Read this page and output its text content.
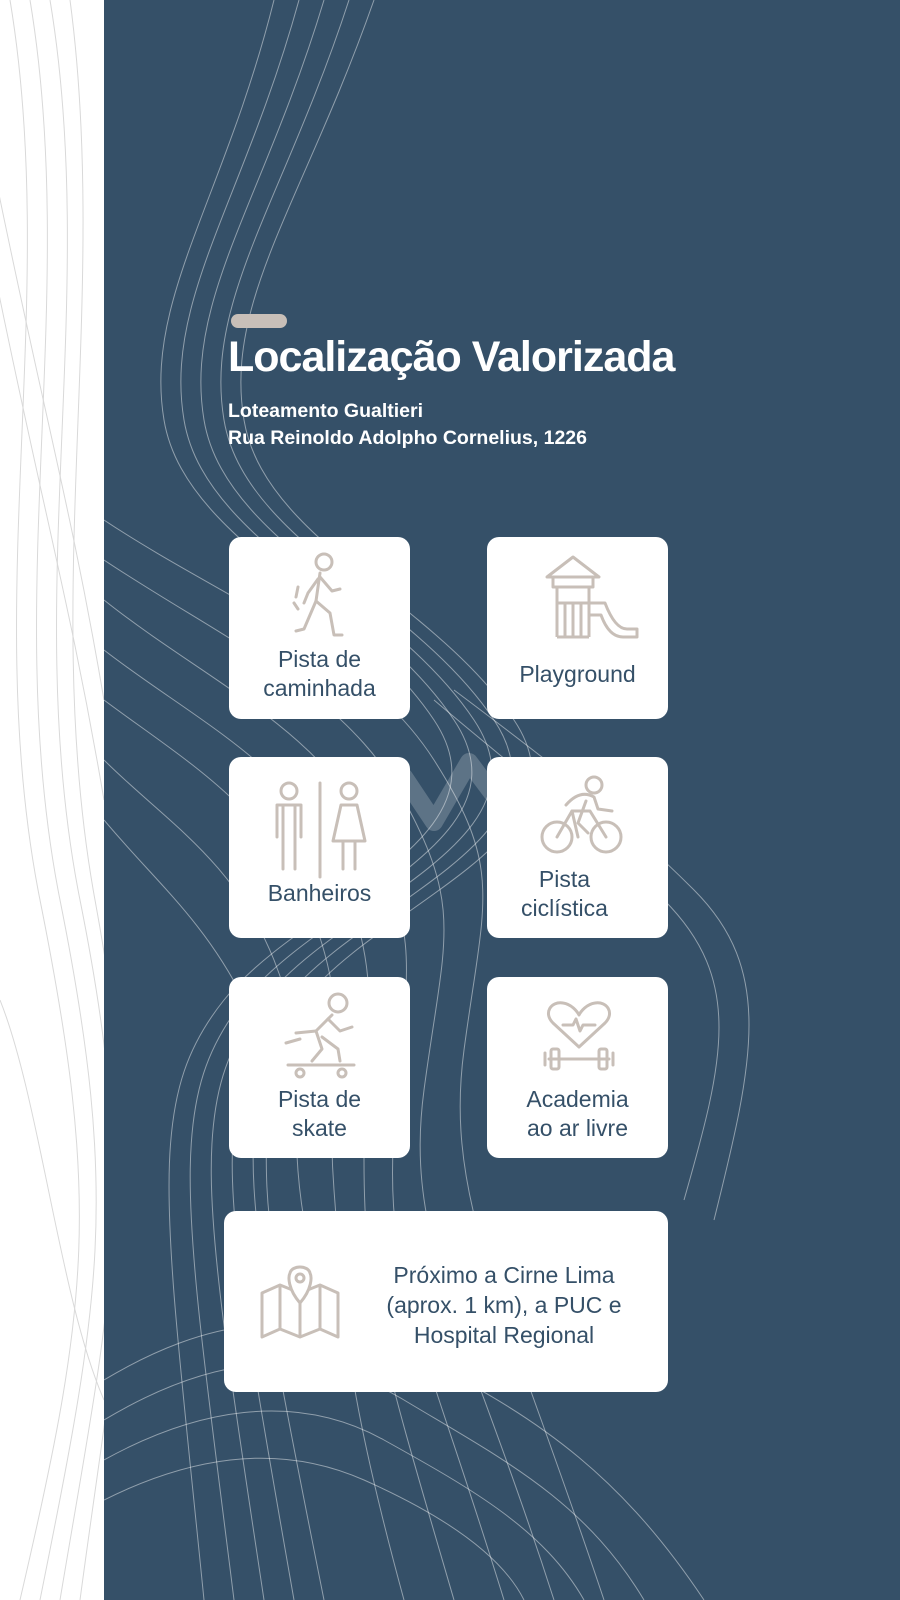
Localização Valorizada
Loteamento Gualtieri
Rua Reinoldo Adolpho Cornelius, 1226
Pista de
caminhada
Playground
Banheiros
Pista
ciclística
Pista de
skate
Academia
ao ar livre
Próximo a Cirne Lima
(aprox. 1 km), a PUC e
Hospital Regional
